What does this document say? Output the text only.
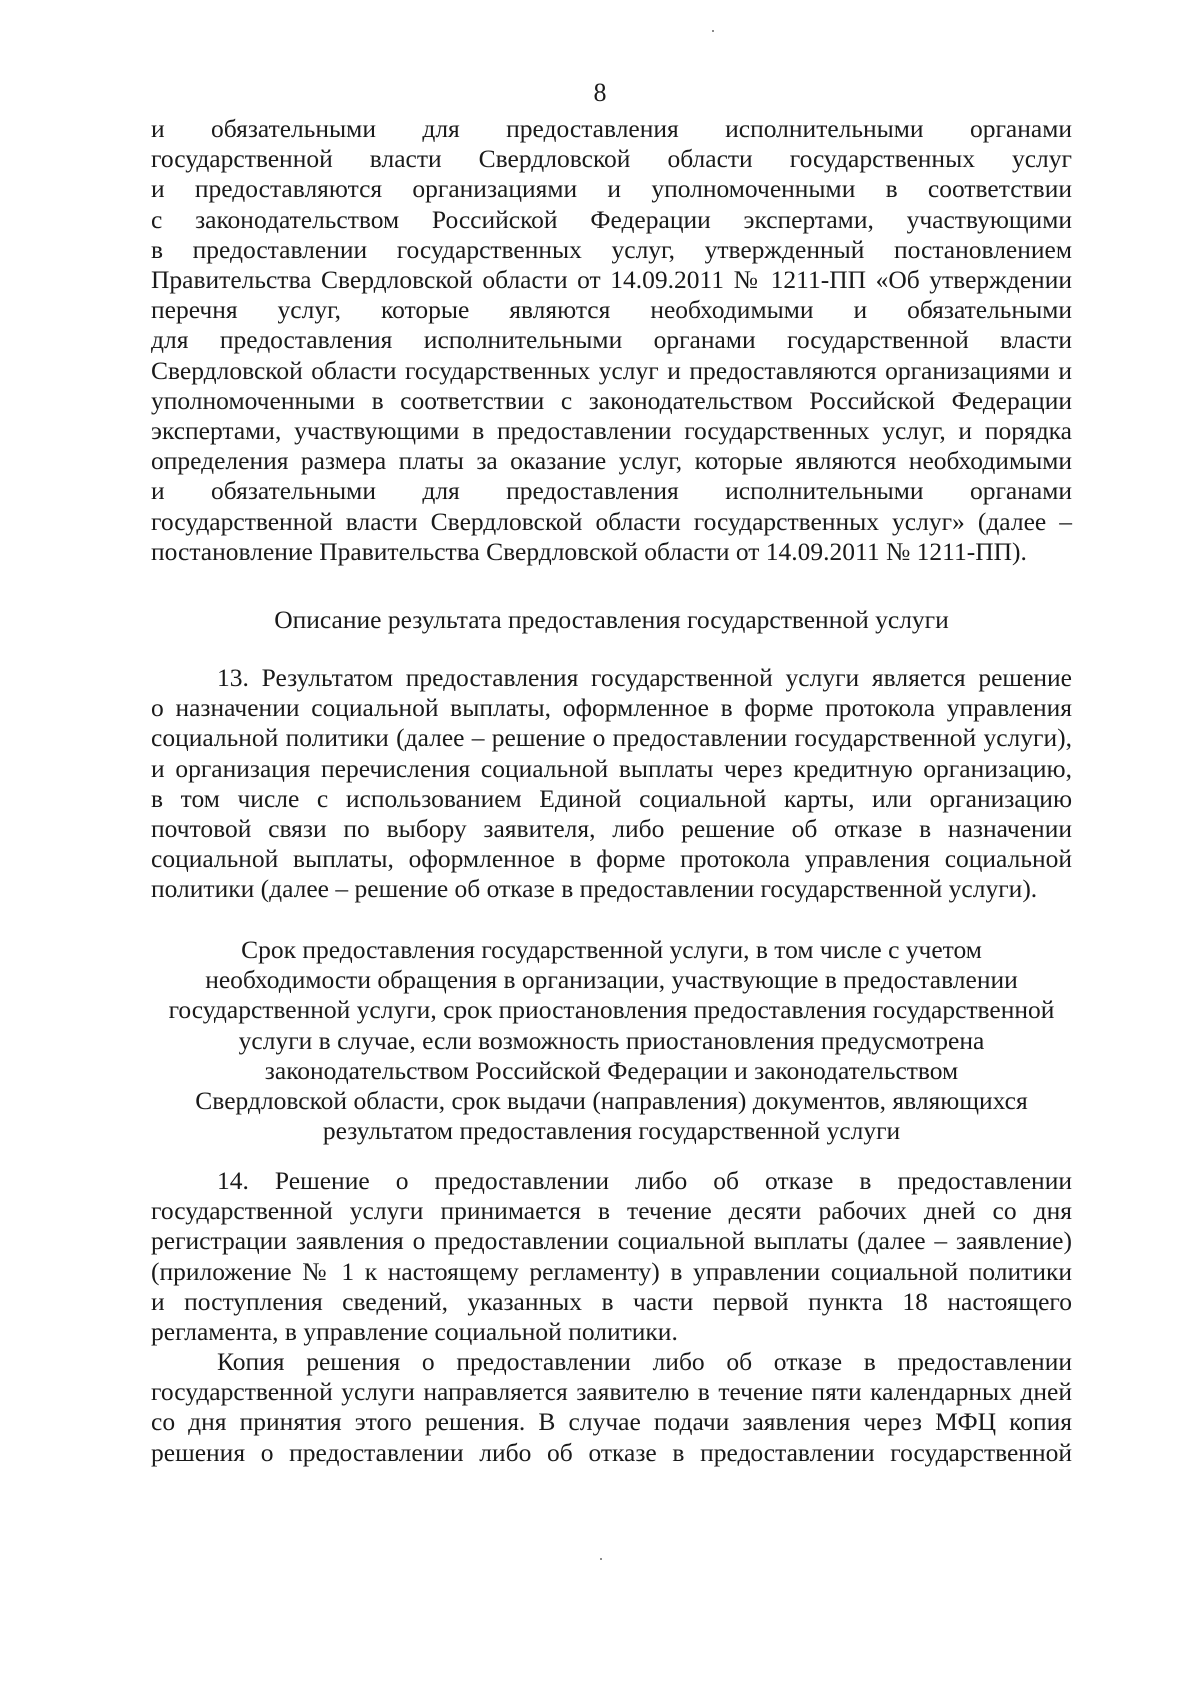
8
и обязательными для предоставления исполнительными органами
государственной власти Свердловской области государственных услуг
и предоставляются организациями и уполномоченными в соответствии
с законодательством Российской Федерации экспертами, участвующими
в предоставлении государственных услуг, утвержденный постановлением
Правительства Свердловской области от 14.09.2011 № 1211-ПП «Об утверждении
перечня услуг, которые являются необходимыми и обязательными
для предоставления исполнительными органами государственной власти
Свердловской области государственных услуг и предоставляются организациями и
уполномоченными в соответствии с законодательством Российской Федерации
экспертами, участвующими в предоставлении государственных услуг, и порядка
определения размера платы за оказание услуг, которые являются необходимыми
и обязательными для предоставления исполнительными органами
государственной власти Свердловской области государственных услуг» (далее –
постановление Правительства Свердловской области от 14.09.2011 № 1211-ПП).
Описание результата предоставления государственной услуги
13. Результатом предоставления государственной услуги является решение
о назначении социальной выплаты, оформленное в форме протокола управления
социальной политики (далее – решение о предоставлении государственной услуги),
и организация перечисления социальной выплаты через кредитную организацию,
в том числе с использованием Единой социальной карты, или организацию
почтовой связи по выбору заявителя, либо решение об отказе в назначении
социальной выплаты, оформленное в форме протокола управления социальной
политики (далее – решение об отказе в предоставлении государственной услуги).
Срок предоставления государственной услуги, в том числе с учетом
необходимости обращения в организации, участвующие в предоставлении
государственной услуги, срок приостановления предоставления государственной
услуги в случае, если возможность приостановления предусмотрена
законодательством Российской Федерации и законодательством
Свердловской области, срок выдачи (направления) документов, являющихся
результатом предоставления государственной услуги
14. Решение о предоставлении либо об отказе в предоставлении
государственной услуги принимается в течение десяти рабочих дней со дня
регистрации заявления о предоставлении социальной выплаты (далее – заявление)
(приложение № 1 к настоящему регламенту) в управлении социальной политики
и поступления сведений, указанных в части первой пункта 18 настоящего
регламента, в управление социальной политики.
Копия решения о предоставлении либо об отказе в предоставлении
государственной услуги направляется заявителю в течение пяти календарных дней
со дня принятия этого решения. В случае подачи заявления через МФЦ копия
решения о предоставлении либо об отказе в предоставлении государственной
